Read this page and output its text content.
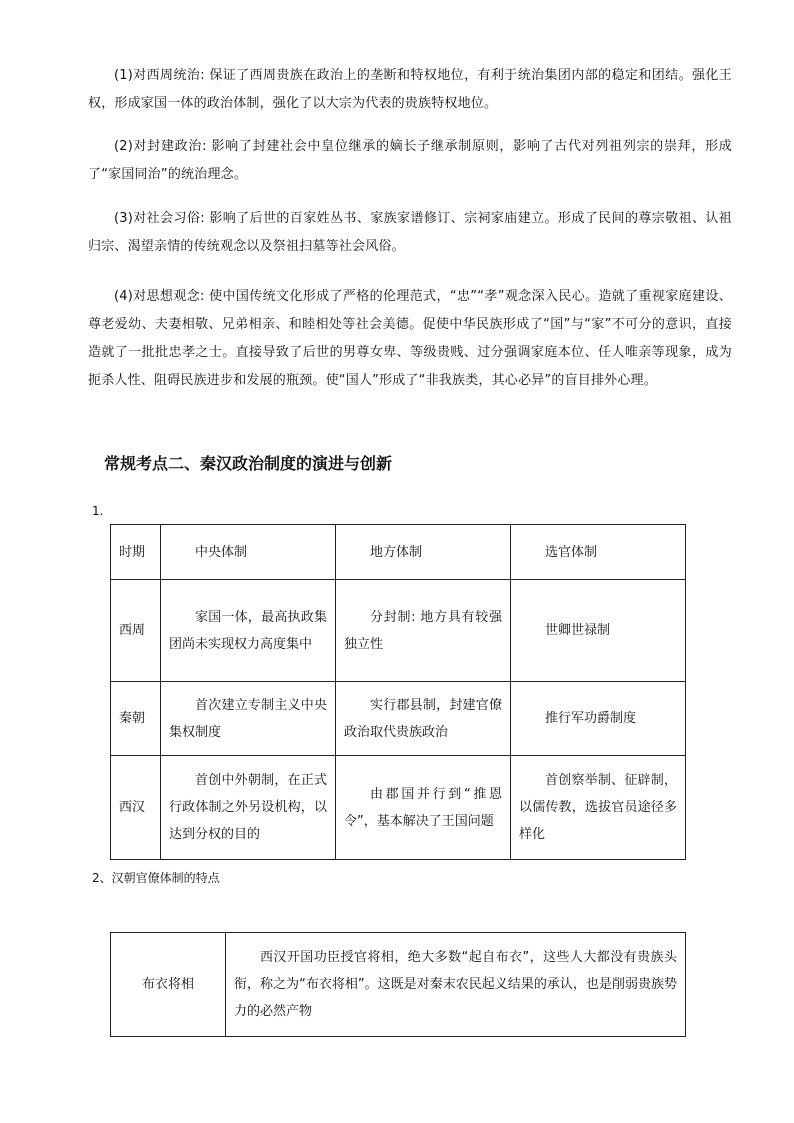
(1)对西周统治: 保证了西周贵族在政治上的垄断和特权地位，有利于统治集团内部的稳定和团结。强化王权，形成家国一体的政治体制，强化了以大宗为代表的贵族特权地位。

(2)对封建政治: 影响了封建社会中皇位继承的嫡长子继承制原则，影响了古代对列祖列宗的崇拜，形成了“家国同治”的统治理念。

(3)对社会习俗: 影响了后世的百家姓丛书、家族家谱修订、宗祠家庙建立。形成了民间的尊宗敬祖、认祖归宗、渴望亲情的传统观念以及祭祖扫墓等社会风俗。

(4)对思想观念: 使中国传统文化形成了严格的伦理范式，“忠”“孝”观念深入民心。造就了重视家庭建设、尊老爱幼、夫妻相敬、兄弟相亲、和睦相处等社会美德。促使中华民族形成了“国”与“家”不可分的意识，直接造就了一批批忠孝之士。直接导致了后世的男尊女卑、等级贵贱、过分强调家庭本位、任人唯亲等现象，成为扼杀人性、阻碍民族进步和发展的瓶颈。使“国人”形成了“非我族类，其心必异”的盲目排外心理。

常规考点二、秦汉政治制度的演进与创新
1.
时期	中央体制	地方体制	选官体制
西周	家国一体，最高执政集团尚未实现权力高度集中	分封制: 地方具有较强独立性	世卿世禄制
秦朝	首次建立专制主义中央集权制度	实行郡县制，封建官僚政治取代贵族政治	推行军功爵制度
西汉	首创中外朝制，在正式行政体制之外另设机构，以达到分权的目的	由郡国并行到“推恩令”，基本解决了王国问题	首创察举制、征辟制，以儒传教，选拔官员途径多样化
2、汉朝官僚体制的特点
布衣将相	西汉开国功臣授官将相，绝大多数“起自布衣”，这些人大都没有贵族头衔，称之为“布衣将相”。这既是对秦末农民起义结果的承认，也是削弱贵族势力的必然产物
